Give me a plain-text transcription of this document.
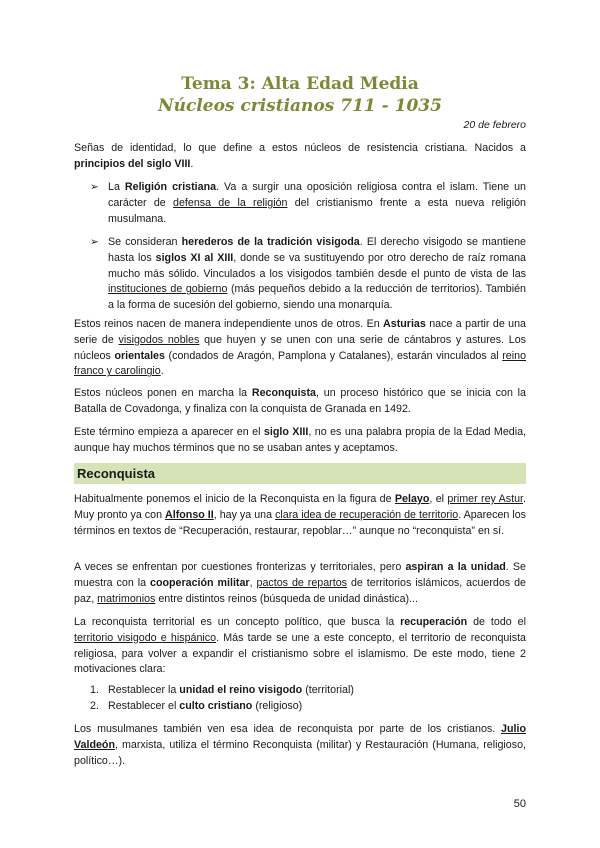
Tema 3: Alta Edad Media
Núcleos cristianos 711 - 1035
20 de febrero

Señas de identidad, lo que define a estos núcleos de resistencia cristiana. Nacidos a principios del siglo VIII.

➢ La Religión cristiana. Va a surgir una oposición religiosa contra el islam. Tiene un carácter de defensa de la religión del cristianismo frente a esta nueva religión musulmana.
➢ Se consideran herederos de la tradición visigoda. El derecho visigodo se mantiene hasta los siglos XI al XIII, donde se va sustituyendo por otro derecho de raíz romana mucho más sólido. Vinculados a los visigodos también desde el punto de vista de las instituciones de gobierno (más pequeños debido a la reducción de territorios). También a la forma de sucesión del gobierno, siendo una monarquía.

Estos reinos nacen de manera independiente unos de otros. En Asturias nace a partir de una serie de visigodos nobles que huyen y se unen con una serie de cántabros y astures. Los núcleos orientales (condados de Aragón, Pamplona y Catalanes), estarán vinculados al reino franco y carolingio.

Estos núcleos ponen en marcha la Reconquista, un proceso histórico que se inicia con la Batalla de Covadonga, y finaliza con la conquista de Granada en 1492.

Este término empieza a aparecer en el siglo XIII, no es una palabra propia de la Edad Media, aunque hay muchos términos que no se usaban antes y aceptamos.

Reconquista

Habitualmente ponemos el inicio de la Reconquista en la figura de Pelayo, el primer rey Astur. Muy pronto ya con Alfonso II, hay ya una clara idea de recuperación de territorio. Aparecen los términos en textos de “Recuperación, restaurar, repoblar…” aunque no “reconquista” en sí.

A veces se enfrentan por cuestiones fronterizas y territoriales, pero aspiran a la unidad. Se muestra con la cooperación militar, pactos de repartos de territorios islámicos, acuerdos de paz, matrimonios entre distintos reinos (búsqueda de unidad dinástica)...

La reconquista territorial es un concepto político, que busca la recuperación de todo el territorio visigodo e hispánico. Más tarde se une a este concepto, el territorio de reconquista religiosa, para volver a expandir el cristianismo sobre el islamismo. De este modo, tiene 2 motivaciones clara:

1. Restablecer la unidad el reino visigodo (territorial)
2. Restablecer el culto cristiano (religioso)

Los musulmanes también ven esa idea de reconquista por parte de los cristianos. Julio Valdeón, marxista, utiliza el término Reconquista (militar) y Restauración (Humana, religioso, político…).

50
